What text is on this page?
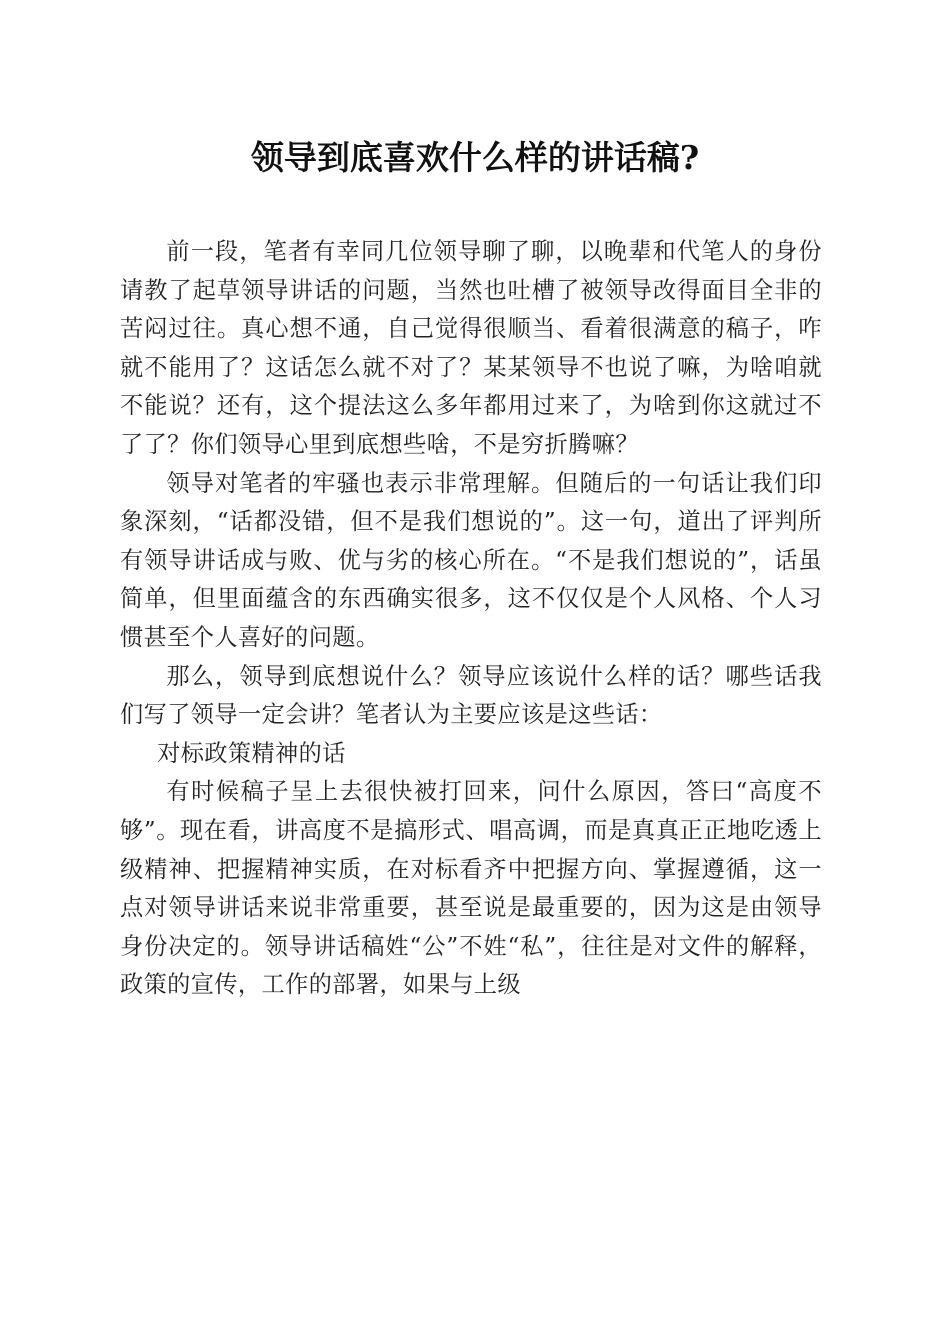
领导到底喜欢什么样的讲话稿?

前一段，笔者有幸同几位领导聊了聊，以晚辈和代笔人的身份请教了起草领导讲话的问题，当然也吐槽了被领导改得面目全非的苦闷过往。真心想不通，自己觉得很顺当、看着很满意的稿子，咋就不能用了？这话怎么就不对了？某某领导不也说了嘛，为啥咱就不能说？还有，这个提法这么多年都用过来了，为啥到你这就过不了了？你们领导心里到底想些啥，不是穷折腾嘛？

领导对笔者的牢骚也表示非常理解。但随后的一句话让我们印象深刻，“话都没错，但不是我们想说的”。这一句，道出了评判所有领导讲话成与败、优与劣的核心所在。“不是我们想说的”，话虽简单，但里面蕴含的东西确实很多，这不仅仅是个人风格、个人习惯甚至个人喜好的问题。

那么，领导到底想说什么？领导应该说什么样的话？哪些话我们写了领导一定会讲？笔者认为主要应该是这些话：

对标政策精神的话

有时候稿子呈上去很快被打回来，问什么原因，答曰“高度不够”。现在看，讲高度不是搞形式、唱高调，而是真真正正地吃透上级精神、把握精神实质，在对标看齐中把握方向、掌握遵循，这一点对领导讲话来说非常重要，甚至说是最重要的，因为这是由领导身份决定的。领导讲话稿姓“公”不姓“私”，往往是对文件的解释，政策的宣传，工作的部署，如果与上级
